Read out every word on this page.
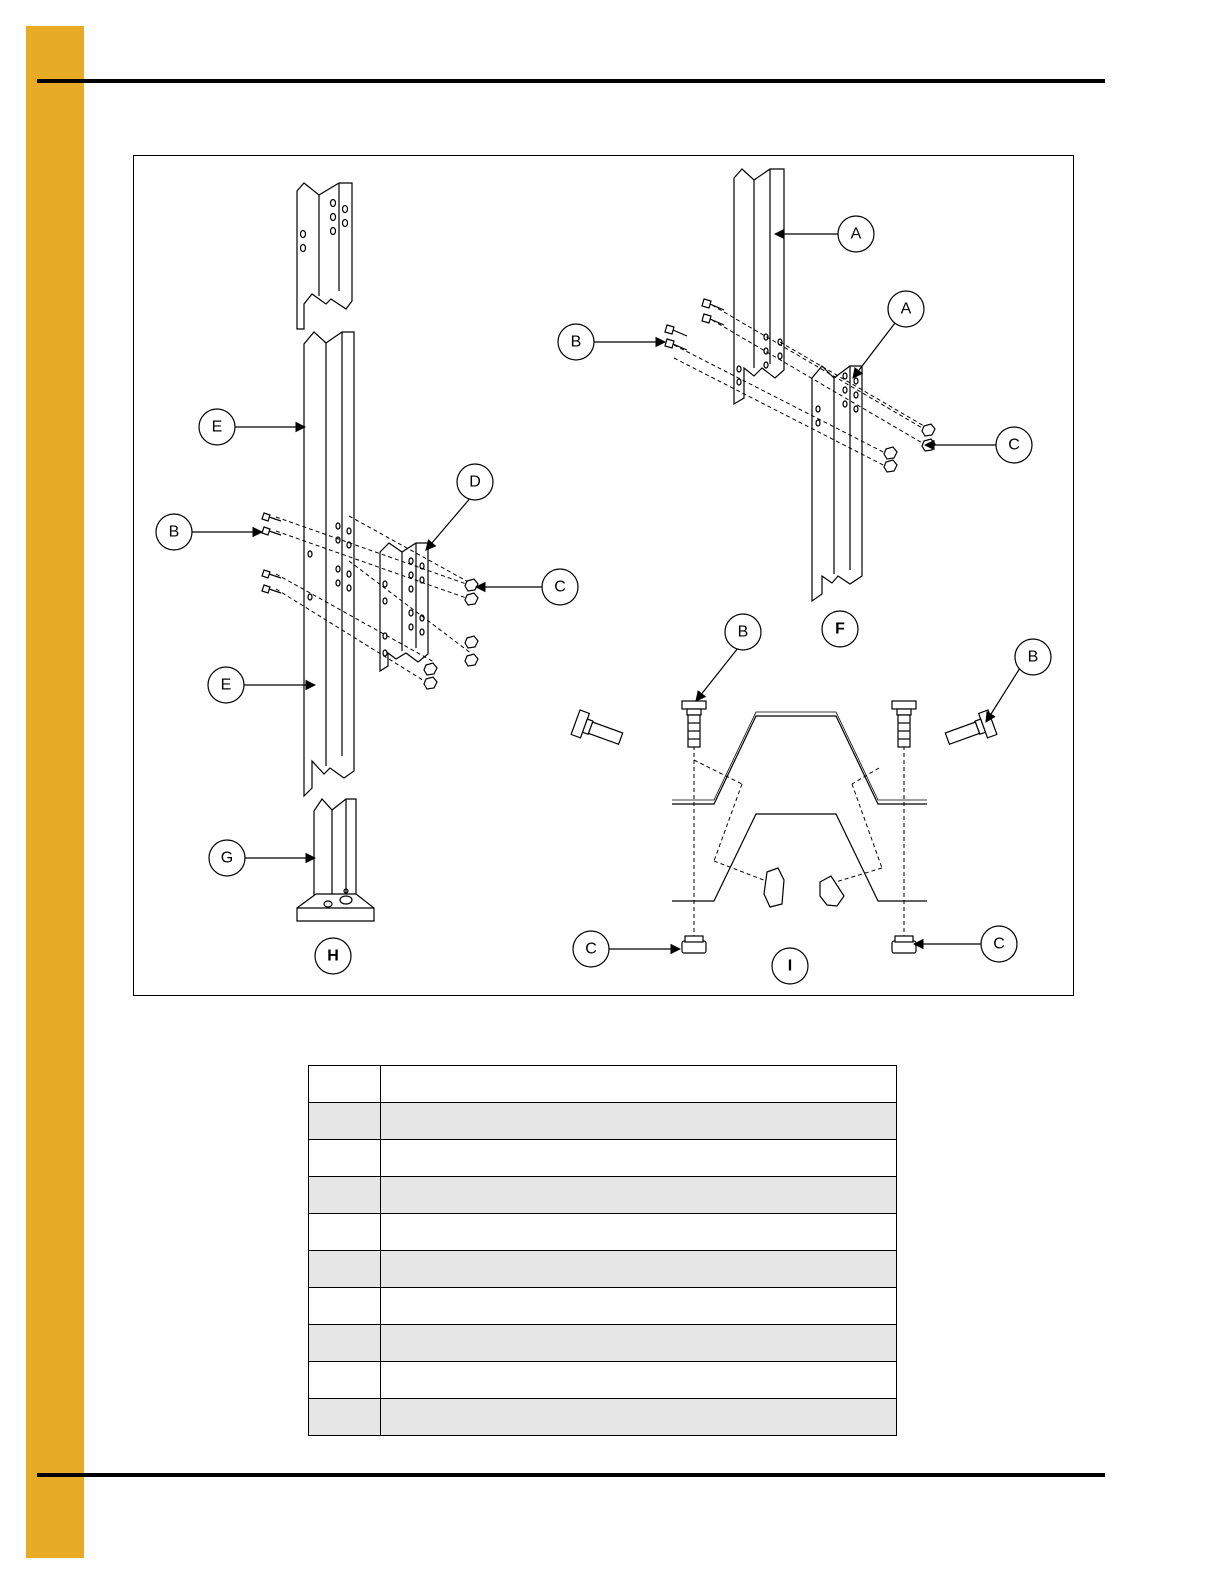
E
E
B
C
D
G
A
B
A
C
B
B
C	C
F
H
I
